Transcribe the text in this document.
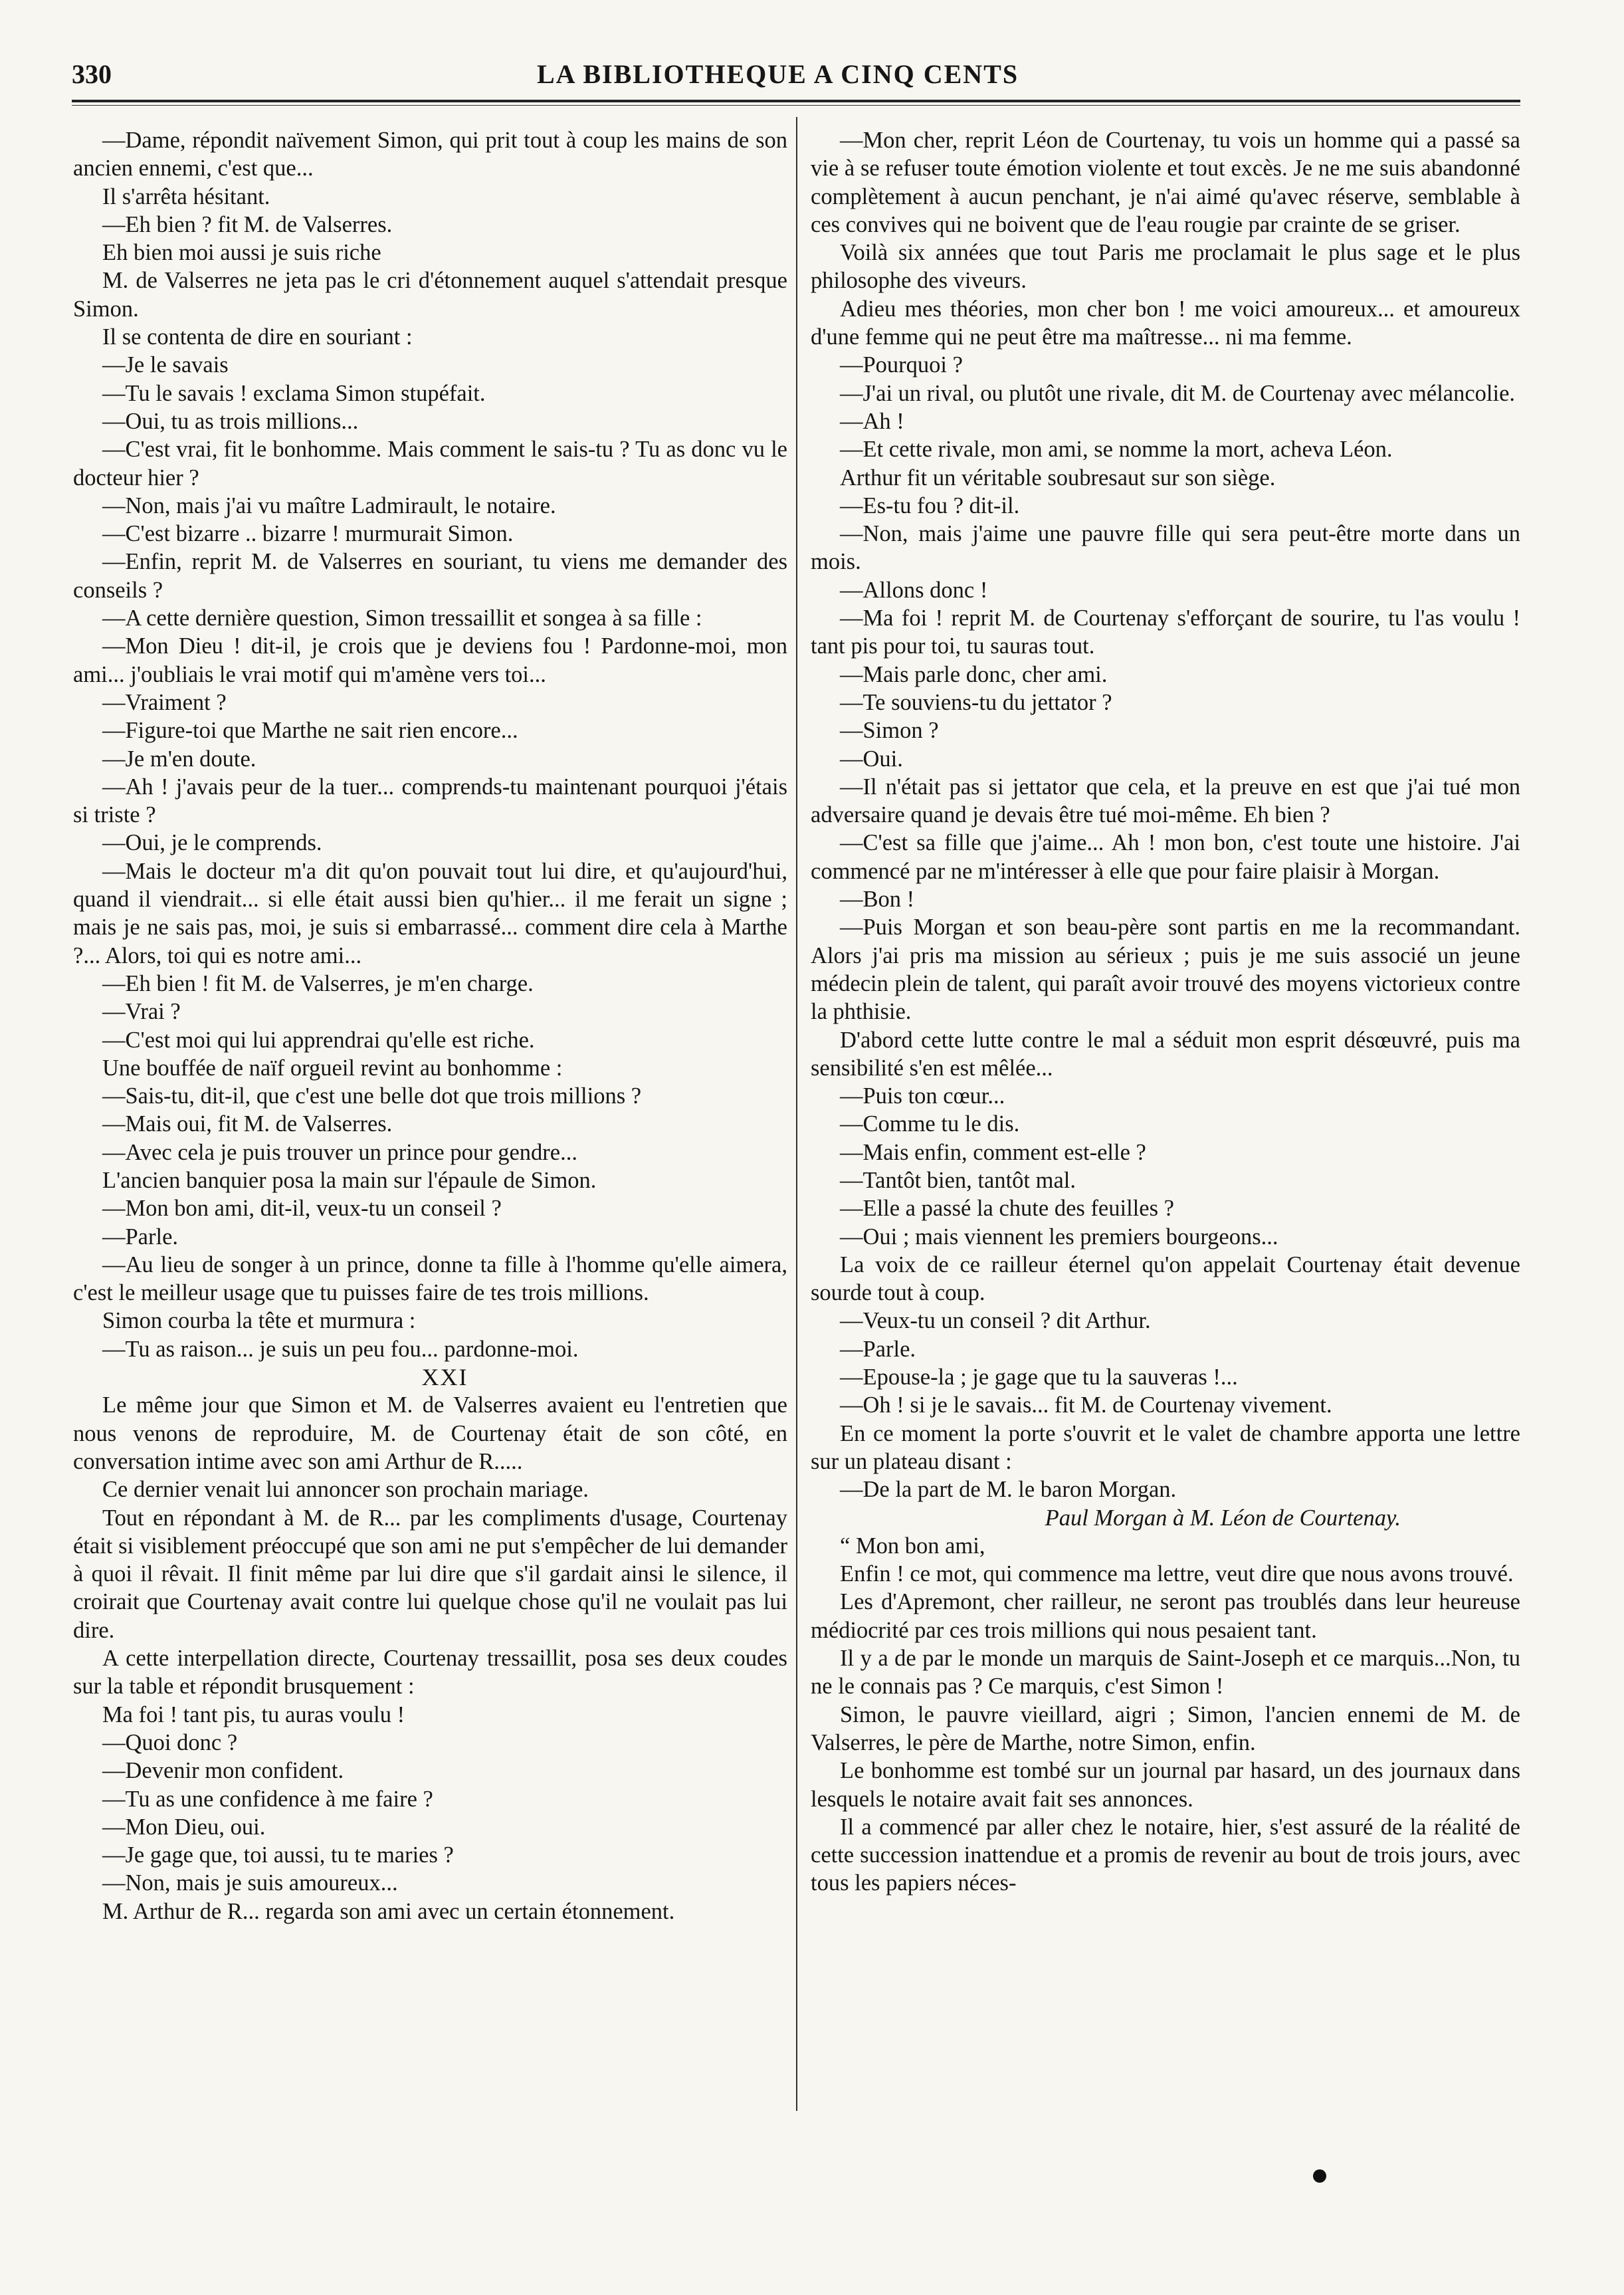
330	LA BIBLIOTHEQUE A CINQ CENTS

—Dame, répondit naïvement Simon, qui prit tout à coup les mains de son ancien ennemi, c'est que...

Il s'arrêta hésitant.

—Eh bien ? fit M. de Valserres.

Eh bien moi aussi je suis riche

M. de Valserres ne jeta pas le cri d'étonnement auquel s'attendait presque Simon.

Il se contenta de dire en souriant :

—Je le savais

—Tu le savais ! exclama Simon stupéfait.

—Oui, tu as trois millions...

—C'est vrai, fit le bonhomme. Mais comment le sais-tu ? Tu as donc vu le docteur hier ?

—Non, mais j'ai vu maître Ladmirault, le notaire.

—C'est bizarre .. bizarre ! murmurait Simon.

—Enfin, reprit M. de Valserres en souriant, tu viens me demander des conseils ?

—A cette dernière question, Simon tressaillit et songea à sa fille :

—Mon Dieu ! dit-il, je crois que je deviens fou ! Pardonne-moi, mon ami... j'oubliais le vrai motif qui m'amène vers toi...

—Vraiment ?

—Figure-toi que Marthe ne sait rien encore...

—Je m'en doute.

—Ah ! j'avais peur de la tuer... comprends-tu maintenant pourquoi j'étais si triste ?

—Oui, je le comprends.

—Mais le docteur m'a dit qu'on pouvait tout lui dire, et qu'aujourd'hui, quand il viendrait... si elle était aussi bien qu'hier... il me ferait un signe ; mais je ne sais pas, moi, je suis si embarrassé... comment dire cela à Marthe ?... Alors, toi qui es notre ami...

—Eh bien ! fit M. de Valserres, je m'en charge.

—Vrai ?

—C'est moi qui lui apprendrai qu'elle est riche.

Une bouffée de naïf orgueil revint au bonhomme :

—Sais-tu, dit-il, que c'est une belle dot que trois millions ?

—Mais oui, fit M. de Valserres.

—Avec cela je puis trouver un prince pour gendre...

L'ancien banquier posa la main sur l'épaule de Simon.

—Mon bon ami, dit-il, veux-tu un conseil ?

—Parle.

—Au lieu de songer à un prince, donne ta fille à l'homme qu'elle aimera, c'est le meilleur usage que tu puisses faire de tes trois millions.

Simon courba la tête et murmura :

—Tu as raison... je suis un peu fou... pardonne-moi.

XXI

Le même jour que Simon et M. de Valserres avaient eu l'entretien que nous venons de reproduire, M. de Courtenay était de son côté, en conversation intime avec son ami Arthur de R.....

Ce dernier venait lui annoncer son prochain mariage.

Tout en répondant à M. de R... par les compliments d'usage, Courtenay était si visiblement préoccupé que son ami ne put s'empêcher de lui demander à quoi il rêvait. Il finit même par lui dire que s'il gardait ainsi le silence, il croirait que Courtenay avait contre lui quelque chose qu'il ne voulait pas lui dire.

A cette interpellation directe, Courtenay tressaillit, posa ses deux coudes sur la table et répondit brusquement :

Ma foi ! tant pis, tu auras voulu !

—Quoi donc ?

—Devenir mon confident.

—Tu as une confidence à me faire ?

—Mon Dieu, oui.

—Je gage que, toi aussi, tu te maries ?

—Non, mais je suis amoureux...

M. Arthur de R... regarda son ami avec un certain étonnement.

—Mon cher, reprit Léon de Courtenay, tu vois un homme qui a passé sa vie à se refuser toute émotion violente et tout excès. Je ne me suis abandonné complètement à aucun penchant, je n'ai aimé qu'avec réserve, semblable à ces convives qui ne boivent que de l'eau rougie par crainte de se griser.

Voilà six années que tout Paris me proclamait le plus sage et le plus philosophe des viveurs.

Adieu mes théories, mon cher bon ! me voici amoureux... et amoureux d'une femme qui ne peut être ma maîtresse... ni ma femme.

—Pourquoi ?

—J'ai un rival, ou plutôt une rivale, dit M. de Courtenay avec mélancolie.

—Ah !

—Et cette rivale, mon ami, se nomme la mort, acheva Léon.

Arthur fit un véritable soubresaut sur son siège.

—Es-tu fou ? dit-il.

—Non, mais j'aime une pauvre fille qui sera peut-être morte dans un mois.

—Allons donc !

—Ma foi ! reprit M. de Courtenay s'efforçant de sourire, tu l'as voulu ! tant pis pour toi, tu sauras tout.

—Mais parle donc, cher ami.

—Te souviens-tu du jettator ?

—Simon ?

—Oui.

—Il n'était pas si jettator que cela, et la preuve en est que j'ai tué mon adversaire quand je devais être tué moi-même. Eh bien ?

—C'est sa fille que j'aime... Ah ! mon bon, c'est toute une histoire. J'ai commencé par ne m'intéresser à elle que pour faire plaisir à Morgan.

—Bon !

—Puis Morgan et son beau-père sont partis en me la recommandant. Alors j'ai pris ma mission au sérieux ; puis je me suis associé un jeune médecin plein de talent, qui paraît avoir trouvé des moyens victorieux contre la phthisie.

D'abord cette lutte contre le mal a séduit mon esprit désœuvré, puis ma sensibilité s'en est mêlée...

—Puis ton cœur...

—Comme tu le dis.

—Mais enfin, comment est-elle ?

—Tantôt bien, tantôt mal.

—Elle a passé la chute des feuilles ?

—Oui ; mais viennent les premiers bourgeons...

La voix de ce railleur éternel qu'on appelait Courtenay était devenue sourde tout à coup.

—Veux-tu un conseil ? dit Arthur.

—Parle.

—Epouse-la ; je gage que tu la sauveras !...

—Oh ! si je le savais... fit M. de Courtenay vivement.

En ce moment la porte s'ouvrit et le valet de chambre apporta une lettre sur un plateau disant :

—De la part de M. le baron Morgan.

Paul Morgan à M. Léon de Courtenay.

“ Mon bon ami,

Enfin ! ce mot, qui commence ma lettre, veut dire que nous avons trouvé.

Les d'Apremont, cher railleur, ne seront pas troublés dans leur heureuse médiocrité par ces trois millions qui nous pesaient tant.

Il y a de par le monde un marquis de Saint-Joseph et ce marquis...Non, tu ne le connais pas ? Ce marquis, c'est Simon !

Simon, le pauvre vieillard, aigri ; Simon, l'ancien ennemi de M. de Valserres, le père de Marthe, notre Simon, enfin.

Le bonhomme est tombé sur un journal par hasard, un des journaux dans lesquels le notaire avait fait ses annonces.

Il a commencé par aller chez le notaire, hier, s'est assuré de la réalité de cette succession inattendue et a promis de revenir au bout de trois jours, avec tous les papiers néces-
